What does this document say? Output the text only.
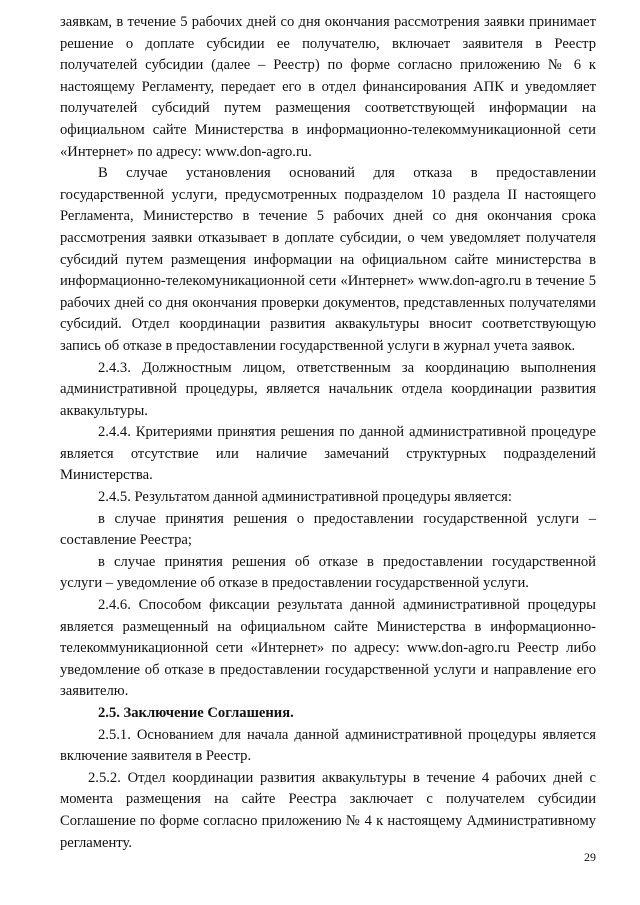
заявкам, в течение 5 рабочих дней со дня окончания рассмотрения заявки принимает решение о доплате субсидии ее получателю, включает заявителя в Реестр получателей субсидии (далее – Реестр) по форме согласно приложению № 6 к настоящему Регламенту, передает его в отдел финансирования АПК и уведомляет получателей субсидий путем размещения соответствующей информации на официальном сайте Министерства в информационно-телекоммуникационной сети «Интернет» по адресу: www.don-agro.ru.

В случае установления оснований для отказа в предоставлении государственной услуги, предусмотренных подразделом 10 раздела II настоящего Регламента, Министерство в течение 5 рабочих дней со дня окончания срока рассмотрения заявки отказывает в доплате субсидии, о чем уведомляет получателя субсидий путем размещения информации на официальном сайте министерства в информационно-телекомуникационной сети «Интернет» www.don-agro.ru в течение 5 рабочих дней со дня окончания проверки документов, представленных получателями субсидий. Отдел координации развития аквакультуры вносит соответствующую запись об отказе в предоставлении государственной услуги в журнал учета заявок.

2.4.3. Должностным лицом, ответственным за координацию выполнения административной процедуры, является начальник отдела координации развития аквакультуры.

2.4.4. Критериями принятия решения по данной административной процедуре является отсутствие или наличие замечаний структурных подразделений Министерства.

2.4.5. Результатом данной административной процедуры является:

в случае принятия решения о предоставлении государственной услуги – составление Реестра;

в случае принятия решения об отказе в предоставлении государственной услуги – уведомление об отказе в предоставлении государственной услуги.

2.4.6. Способом фиксации результата данной административной процедуры является размещенный на официальном сайте Министерства в информационно-телекоммуникационной сети «Интернет» по адресу: www.don-agro.ru Реестр либо уведомление об отказе в предоставлении государственной услуги и направление его заявителю.

2.5. Заключение Соглашения.

2.5.1. Основанием для начала данной административной процедуры является включение заявителя в Реестр.

2.5.2. Отдел координации развития аквакультуры в течение 4 рабочих дней с момента размещения на сайте Реестра заключает с получателем субсидии Соглашение по форме согласно приложению № 4 к настоящему Административному регламенту.

29
